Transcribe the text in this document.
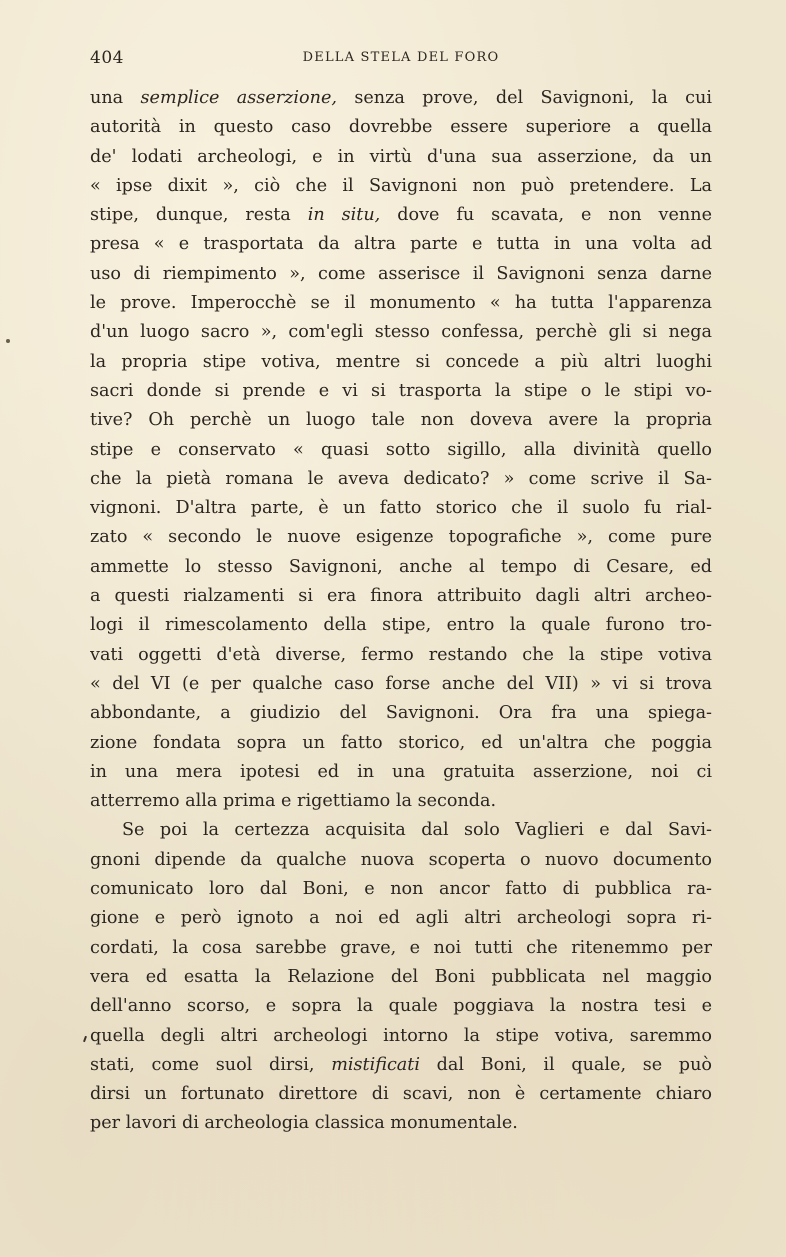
404	DELLA STELA DEL FORO
una semplice asserzione, senza prove, del Savignoni, la cui
autorità in questo caso dovrebbe essere superiore a quella
de' lodati archeologi, e in virtù d'una sua asserzione, da un
« ipse dixit », ciò che il Savignoni non può pretendere. La
stipe, dunque, resta in situ, dove fu scavata, e non venne
presa « e trasportata da altra parte e tutta in una volta ad
uso di riempimento », come asserisce il Savignoni senza darne
le prove. Imperocchè se il monumento « ha tutta l'apparenza
d'un luogo sacro », com'egli stesso confessa, perchè gli si nega
la propria stipe votiva, mentre si concede a più altri luoghi
sacri donde si prende e vi si trasporta la stipe o le stipi vo-
tive? Oh perchè un luogo tale non doveva avere la propria
stipe e conservato « quasi sotto sigillo, alla divinità quello
che la pietà romana le aveva dedicato? » come scrive il Sa-
vignoni. D'altra parte, è un fatto storico che il suolo fu rial-
zato « secondo le nuove esigenze topografiche », come pure
ammette lo stesso Savignoni, anche al tempo di Cesare, ed
a questi rialzamenti si era finora attribuito dagli altri archeo-
logi il rimescolamento della stipe, entro la quale furono tro-
vati oggetti d'età diverse, fermo restando che la stipe votiva
« del VI (e per qualche caso forse anche del VII) » vi si trova
abbondante, a giudizio del Savignoni. Ora fra una spiega-
zione fondata sopra un fatto storico, ed un'altra che poggia
in una mera ipotesi ed in una gratuita asserzione, noi ci
atterremo alla prima e rigettiamo la seconda.
Se poi la certezza acquisita dal solo Vaglieri e dal Savi-
gnoni dipende da qualche nuova scoperta o nuovo documento
comunicato loro dal Boni, e non ancor fatto di pubblica ra-
gione e però ignoto a noi ed agli altri archeologi sopra ri-
cordati, la cosa sarebbe grave, e noi tutti che ritenemmo per
vera ed esatta la Relazione del Boni pubblicata nel maggio
dell'anno scorso, e sopra la quale poggiava la nostra tesi e
quella degli altri archeologi intorno la stipe votiva, saremmo
stati, come suol dirsi, mistificati dal Boni, il quale, se può
dirsi un fortunato direttore di scavi, non è certamente chiaro
per lavori di archeologia classica monumentale.
